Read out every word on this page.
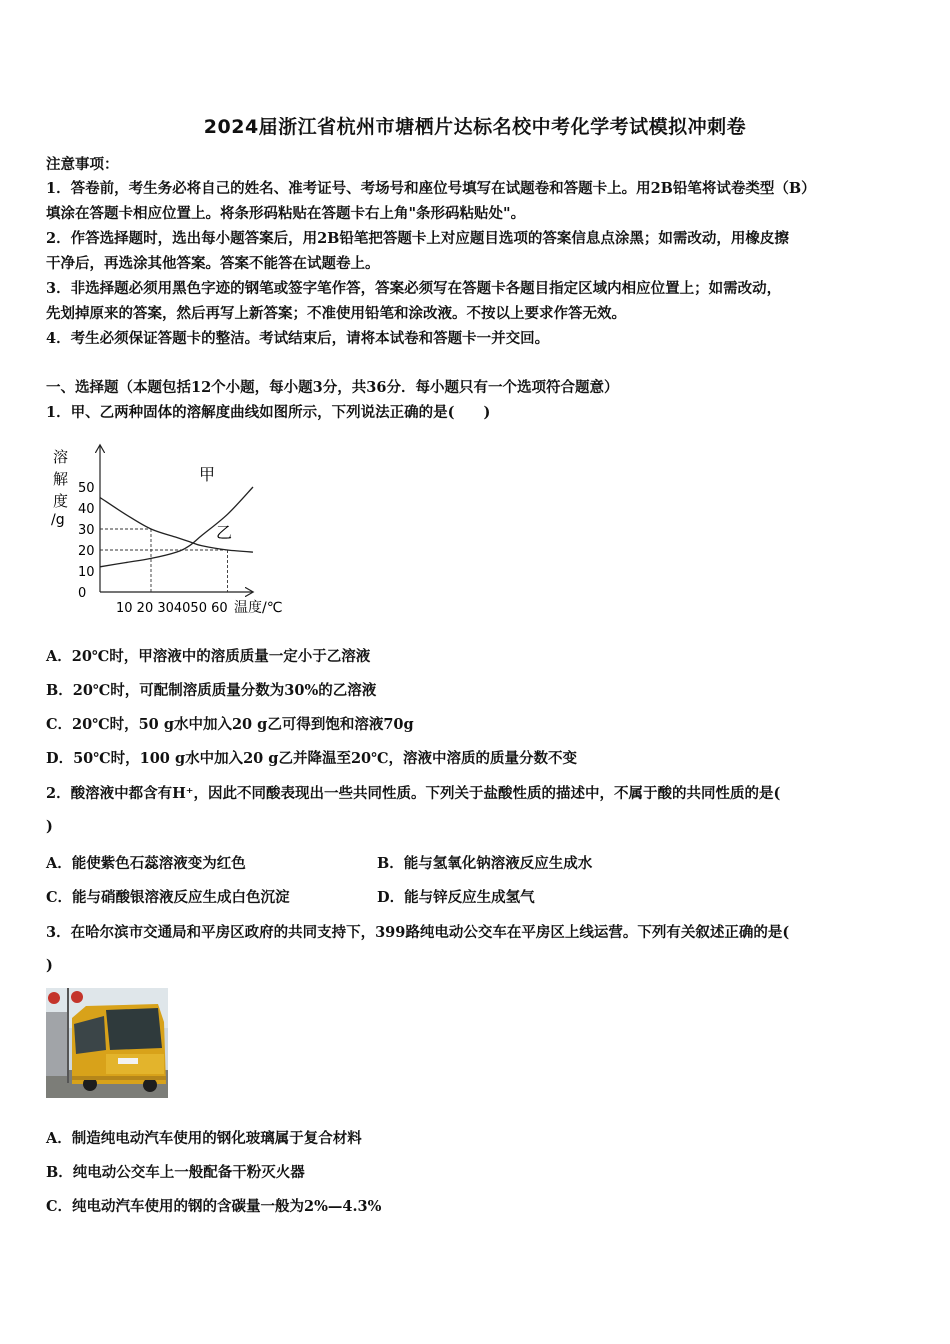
2024届浙江省杭州市塘栖片达标名校中考化学考试模拟冲刺卷
注意事项：
1．答卷前，考生务必将自己的姓名、准考证号、考场号和座位号填写在试题卷和答题卡上。用2B铅笔将试卷类型（B）
填涂在答题卡相应位置上。将条形码粘贴在答题卡右上角"条形码粘贴处"。
2．作答选择题时，选出每小题答案后，用2B铅笔把答题卡上对应题目选项的答案信息点涂黑；如需改动，用橡皮擦
干净后，再选涂其他答案。答案不能答在试题卷上。
3．非选择题必须用黑色字迹的钢笔或签字笔作答，答案必须写在答题卡各题目指定区域内相应位置上；如需改动，
先划掉原来的答案，然后再写上新答案；不准使用铅笔和涂改液。不按以上要求作答无效。
4．考生必须保证答题卡的整洁。考试结束后，请将本试卷和答题卡一并交回。
一、选择题（本题包括12个小题，每小题3分，共36分．每小题只有一个选项符合题意）
1．甲、乙两种固体的溶解度曲线如图所示，下列说法正确的是(　　)
溶
解
度
/g
0
10
20
30
40
50
10 20 304050 60 温度/℃
甲
乙
A．20℃时，甲溶液中的溶质质量一定小于乙溶液
B．20℃时，可配制溶质质量分数为30%的乙溶液
C．20℃时，50 g水中加入20 g乙可得到饱和溶液70g
D．50℃时，100 g水中加入20 g乙并降温至20℃，溶液中溶质的质量分数不变
2．酸溶液中都含有H⁺，因此不同酸表现出一些共同性质。下列关于盐酸性质的描述中，不属于酸的共同性质的是(
)
A．能使紫色石蕊溶液变为红色	B．能与氢氧化钠溶液反应生成水
C．能与硝酸银溶液反应生成白色沉淀	D．能与锌反应生成氢气
3．在哈尔滨市交通局和平房区政府的共同支持下，399路纯电动公交车在平房区上线运营。下列有关叙述正确的是(
)
A．制造纯电动汽车使用的钢化玻璃属于复合材料
B．纯电动公交车上一般配备干粉灭火器
C．纯电动汽车使用的钢的含碳量一般为2%—4.3%
